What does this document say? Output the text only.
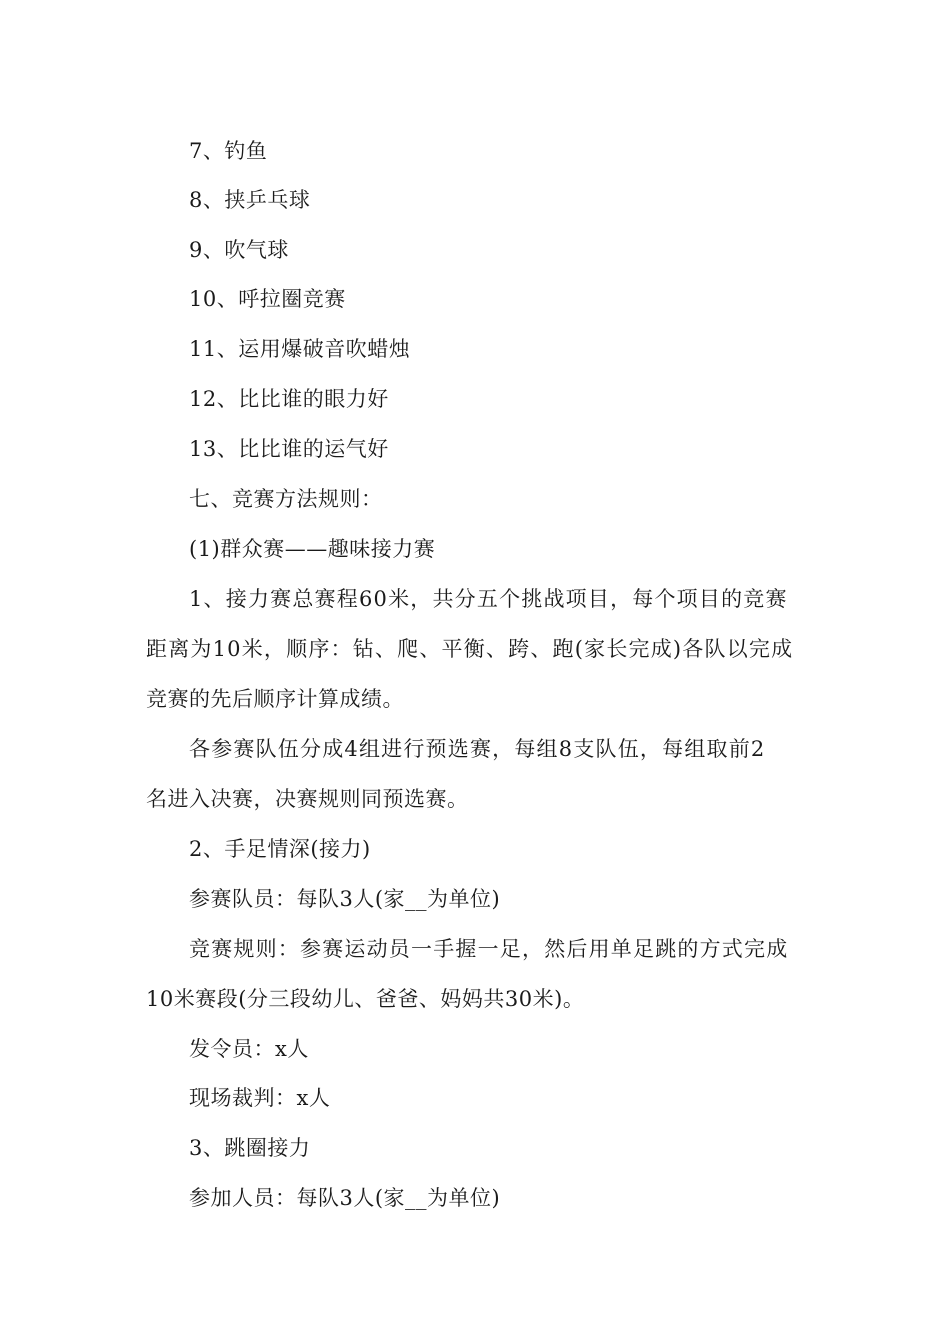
7、钓鱼
8、挟乒乓球
9、吹气球
10、呼拉圈竞赛
11、运用爆破音吹蜡烛
12、比比谁的眼力好
13、比比谁的运气好
七、竞赛方法规则：
(1)群众赛——趣味接力赛
1、接力赛总赛程60米，共分五个挑战项目，每个项目的竞赛
距离为10米，顺序：钻、爬、平衡、跨、跑(家长完成)各队以完成
竞赛的先后顺序计算成绩。
各参赛队伍分成4组进行预选赛，每组8支队伍，每组取前2
名进入决赛，决赛规则同预选赛。
2、手足情深(接力)
参赛队员：每队3人(家__为单位)
竞赛规则：参赛运动员一手握一足，然后用单足跳的方式完成
10米赛段(分三段幼儿、爸爸、妈妈共30米)。
发令员：x人
现场裁判：x人
3、跳圈接力
参加人员：每队3人(家__为单位)
